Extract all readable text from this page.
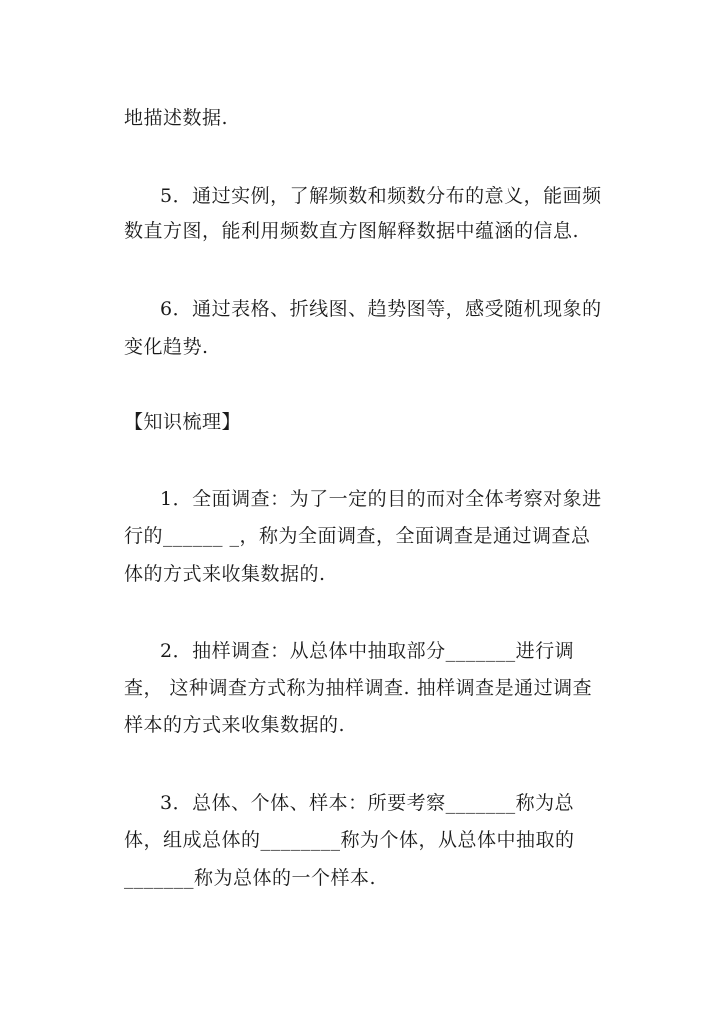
地描述数据.
5．通过实例，了解频数和频数分布的意义，能画频
数直方图，能利用频数直方图解释数据中蕴涵的信息.
6．通过表格、折线图、趋势图等，感受随机现象的
变化趋势.
【知识梳理】
1．全面调查：为了一定的目的而对全体考察对象进
行的______ _，称为全面调查，全面调查是通过调查总
体的方式来收集数据的.
2．抽样调查：从总体中抽取部分_______进行调
查， 这种调查方式称为抽样调查. 抽样调查是通过调查
样本的方式来收集数据的.
3．总体、个体、样本：所要考察_______称为总
体，组成总体的________称为个体，从总体中抽取的
_______称为总体的一个样本.
